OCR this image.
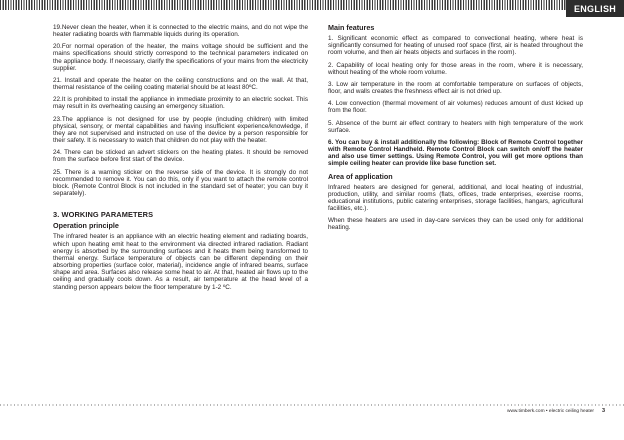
ENGLISH

19.Never clean the heater, when it is connected to the electric mains, and do not wipe the heater radiating boards with flammable liquids during its operation.

20.For normal operation of the heater, the mains voltage should be sufficient and the mains specifications should strictly correspond to the technical parameters indicated on the appliance body. If necessary, clarify the specifications of your mains from the electricity supplier.

21. Install and operate the heater on the ceiling constructions and on the wall. At that, thermal resistance of the ceiling coating material should be at least 80ºC.

22.It is prohibited to install the appliance in immediate proximity to an electric socket. This may result in its overheating causing an emergency situation.

23.The appliance is not designed for use by people (including children) with limited physical, sensory, or mental capabilities and having insufficient experience/knowledge, if they are not supervised and instructed on use of the device by a person responsible for their safety. It is necessary to watch that children do not play with the heater.

24. There can be sticked an advert stickers on the heating plates. It should be removed from the surface before first start of the device.

25. There is a warning sticker on the reverse side of the device. It is strongly do not recommended to remove it. You can do this, only if you want to attach the remote control block. (Remote Control Block is not included in the standard set of heater; you can buy it separately).

3. WORKING PARAMETERS
Operation principle

The infrared heater is an appliance with an electric heating element and radiating boards, which upon heating emit heat to the environment via directed infrared radiation. Radiant energy is absorbed by the surrounding surfaces and it heats them being transformed to thermal energy. Surface temperature of objects can be different depending on their absorbing properties (surface color, material), incidence angle of infrared beams, surface shape and area. Surfaces also release some heat to air. At that, heated air flows up to the ceiling and gradually cools down. As a result, air temperature at the head level of a standing person appears below the floor temperature by 1-2 ºC.

Main features

1. Significant economic effect as compared to convectional heating, where heat is significantly consumed for heating of unused roof space (first, air is heated throughout the room volume, and then air heats objects and surfaces in the room).

2. Capability of local heating only for those areas in the room, where it is necessary, without heating of the whole room volume.

3. Low air temperature in the room at comfortable temperature on surfaces of objects, floor, and walls creates the freshness effect air is not dried up.

4. Low convection (thermal movement of air volumes) reduces amount of dust kicked up from the floor.

5. Absence of the burnt air effect contrary to heaters with high temperature of the work surface.

6. You can buy & install additionally the following: Block of Remote Control together with Remote Control Handheld. Remote Control Block can switch on/off the heater and also use timer settings. Using Remote Control, you will get more options than simple ceiling heater can provide like base function set.

Area of application

Infrared heaters are designed for general, additional, and local heating of industrial, production, utility, and similar rooms (flats, offices, trade enterprises, exercise rooms, educational institutions, public catering enterprises, storage facilities, hangars, agricultural facilities, etc.).

When these heaters are used in day-care services they can be used only for additional heating.

www.timberk.com • electric ceiling heater 3
